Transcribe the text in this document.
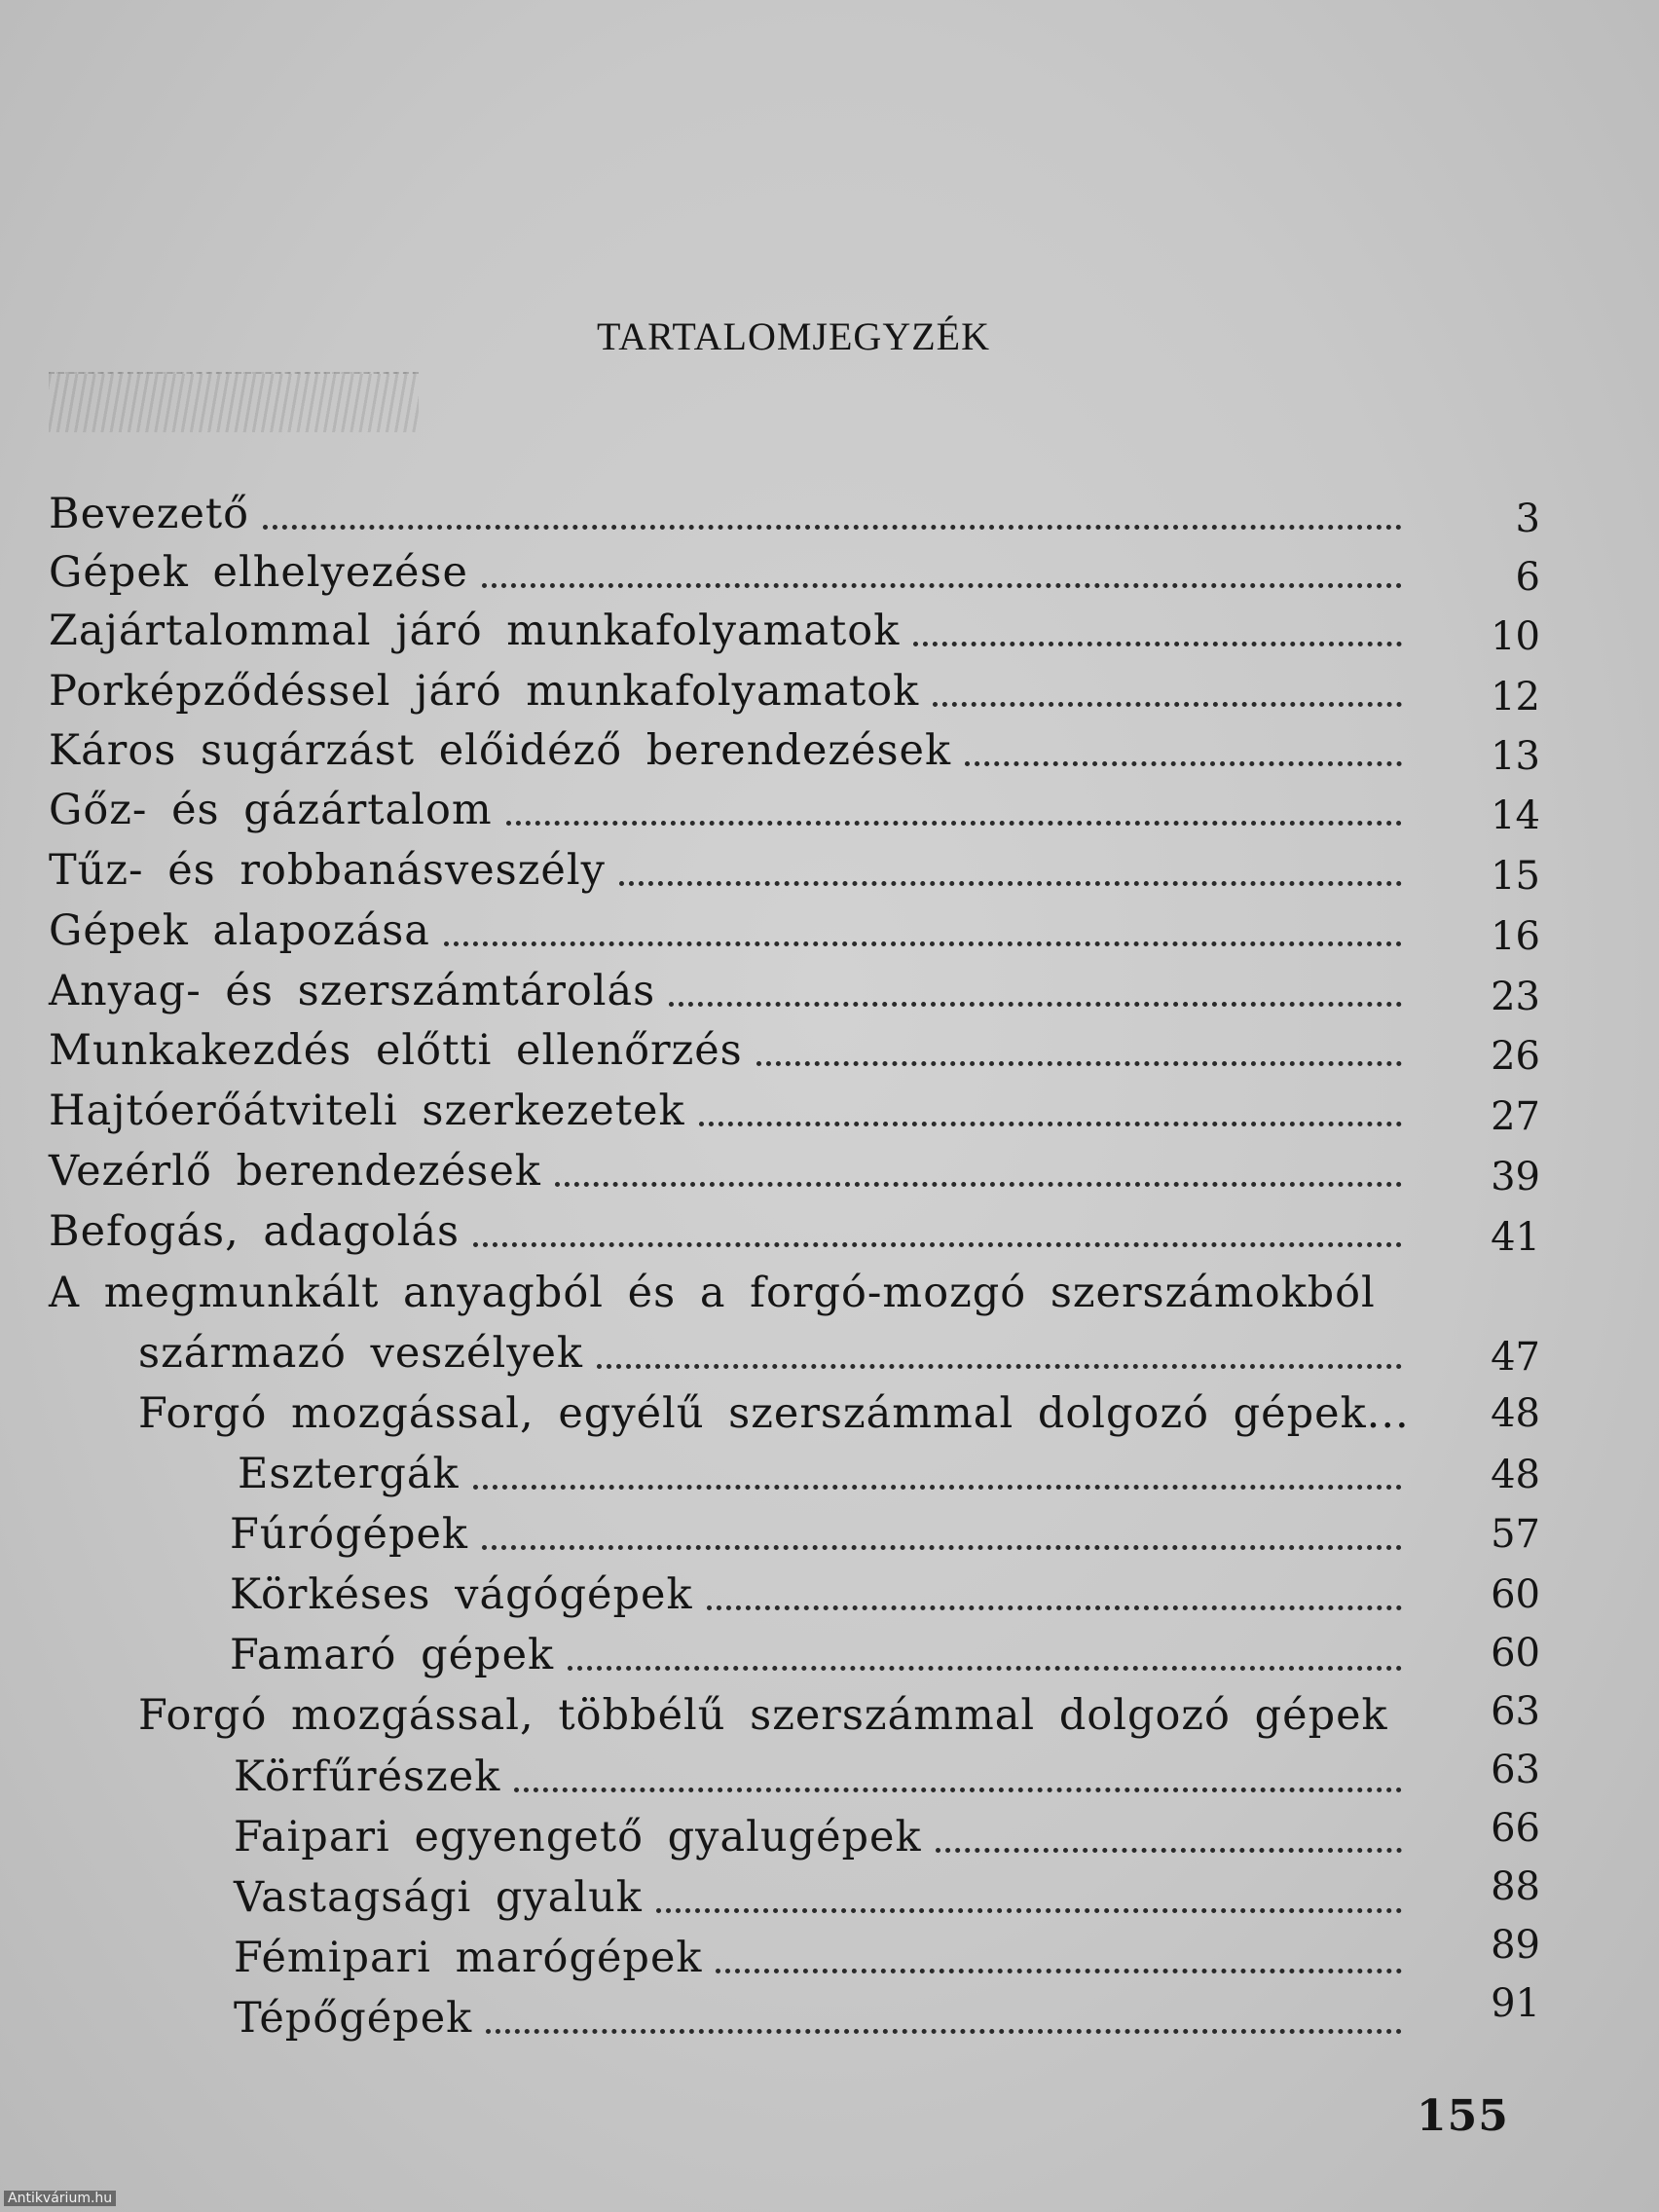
TARTALOMJEGYZÉK
Bevezető
Gépek elhelyezése
Zajártalommal járó munkafolyamatok
Porképződéssel járó munkafolyamatok
Káros sugárzást előidéző berendezések
Gőz- és gázártalom
Tűz- és robbanásveszély
Gépek alapozása
Anyag- és szerszámtárolás
Munkakezdés előtti ellenőrzés
Hajtóerőátviteli szerkezetek
Vezérlő berendezések
Befogás, adagolás
A megmunkált anyagból és a forgó-mozgó szerszámokból
származó veszélyek
Forgó mozgással, egyélű szerszámmal dolgozó gépek...
Esztergák
Fúrógépek
Körkéses vágógépek
Famaró gépek
Forgó mozgással, többélű szerszámmal dolgozó gépek
Körfűrészek
Faipari egyengető gyalugépek
Vastagsági gyaluk
Fémipari marógépek
Tépőgépek
3
6
10
12
13
14
15
16
23
26
27
39
41
47
48
48
57
60
60
63
63
66
88
89
91
155
Antikvárium.hu
